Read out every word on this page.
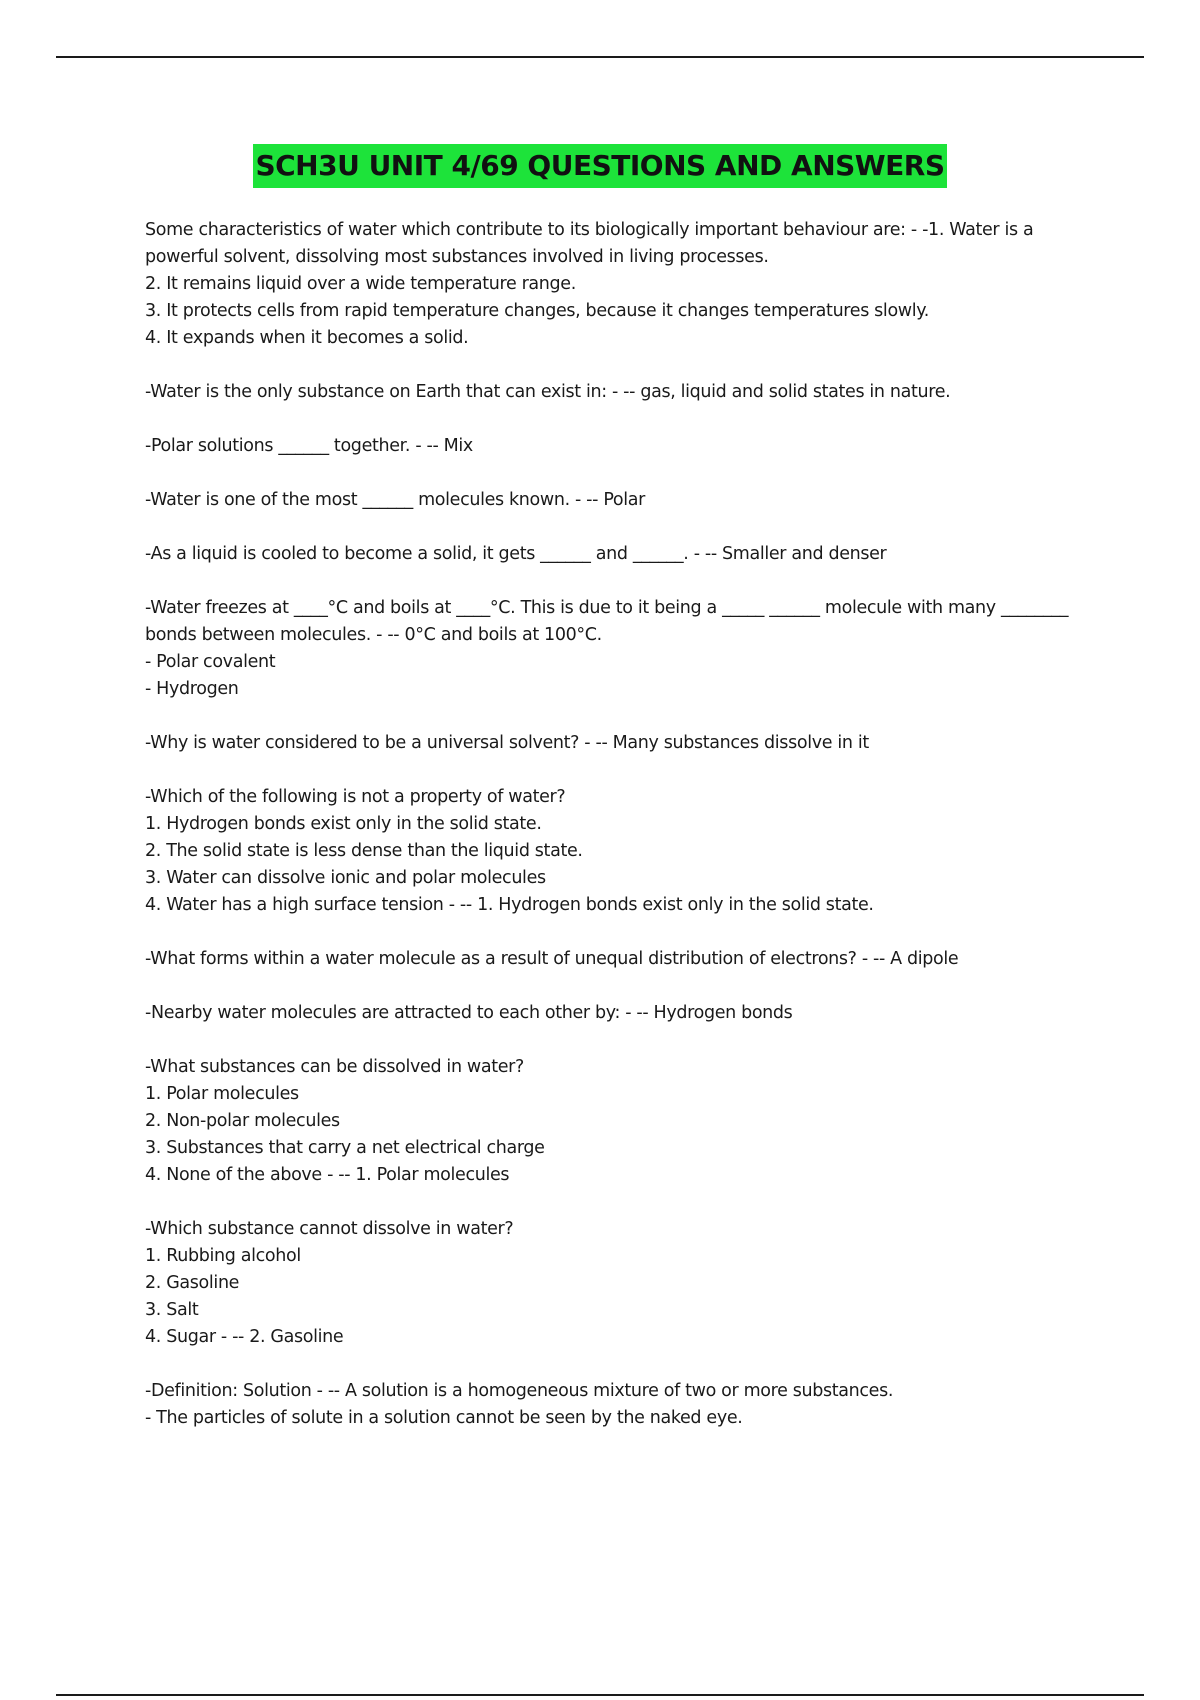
SCH3U UNIT 4/69 QUESTIONS AND ANSWERS
Some characteristics of water which contribute to its biologically important behaviour are: - -1. Water is a powerful solvent, dissolving most substances involved in living processes.
2. It remains liquid over a wide temperature range.
3. It protects cells from rapid temperature changes, because it changes temperatures slowly.
4. It expands when it becomes a solid.
-Water is the only substance on Earth that can exist in: - -- gas, liquid and solid states in nature.
-Polar solutions ______ together. - -- Mix
-Water is one of the most ______ molecules known. - -- Polar
-As a liquid is cooled to become a solid, it gets ______ and ______. - -- Smaller and denser
-Water freezes at ____°C and boils at ____°C. This is due to it being a _____ ______ molecule with many ________ bonds between molecules. - -- 0°C and boils at 100°C.
- Polar covalent
- Hydrogen
-Why is water considered to be a universal solvent? - -- Many substances dissolve in it
-Which of the following is not a property of water?
1. Hydrogen bonds exist only in the solid state.
2. The solid state is less dense than the liquid state.
3. Water can dissolve ionic and polar molecules
4. Water has a high surface tension - -- 1. Hydrogen bonds exist only in the solid state.
-What forms within a water molecule as a result of unequal distribution of electrons? - -- A dipole
-Nearby water molecules are attracted to each other by: - -- Hydrogen bonds
-What substances can be dissolved in water?
1. Polar molecules
2. Non-polar molecules
3. Substances that carry a net electrical charge
4. None of the above - -- 1. Polar molecules
-Which substance cannot dissolve in water?
1. Rubbing alcohol
2. Gasoline
3. Salt
4. Sugar - -- 2. Gasoline
-Definition: Solution - -- A solution is a homogeneous mixture of two or more substances.
- The particles of solute in a solution cannot be seen by the naked eye.
